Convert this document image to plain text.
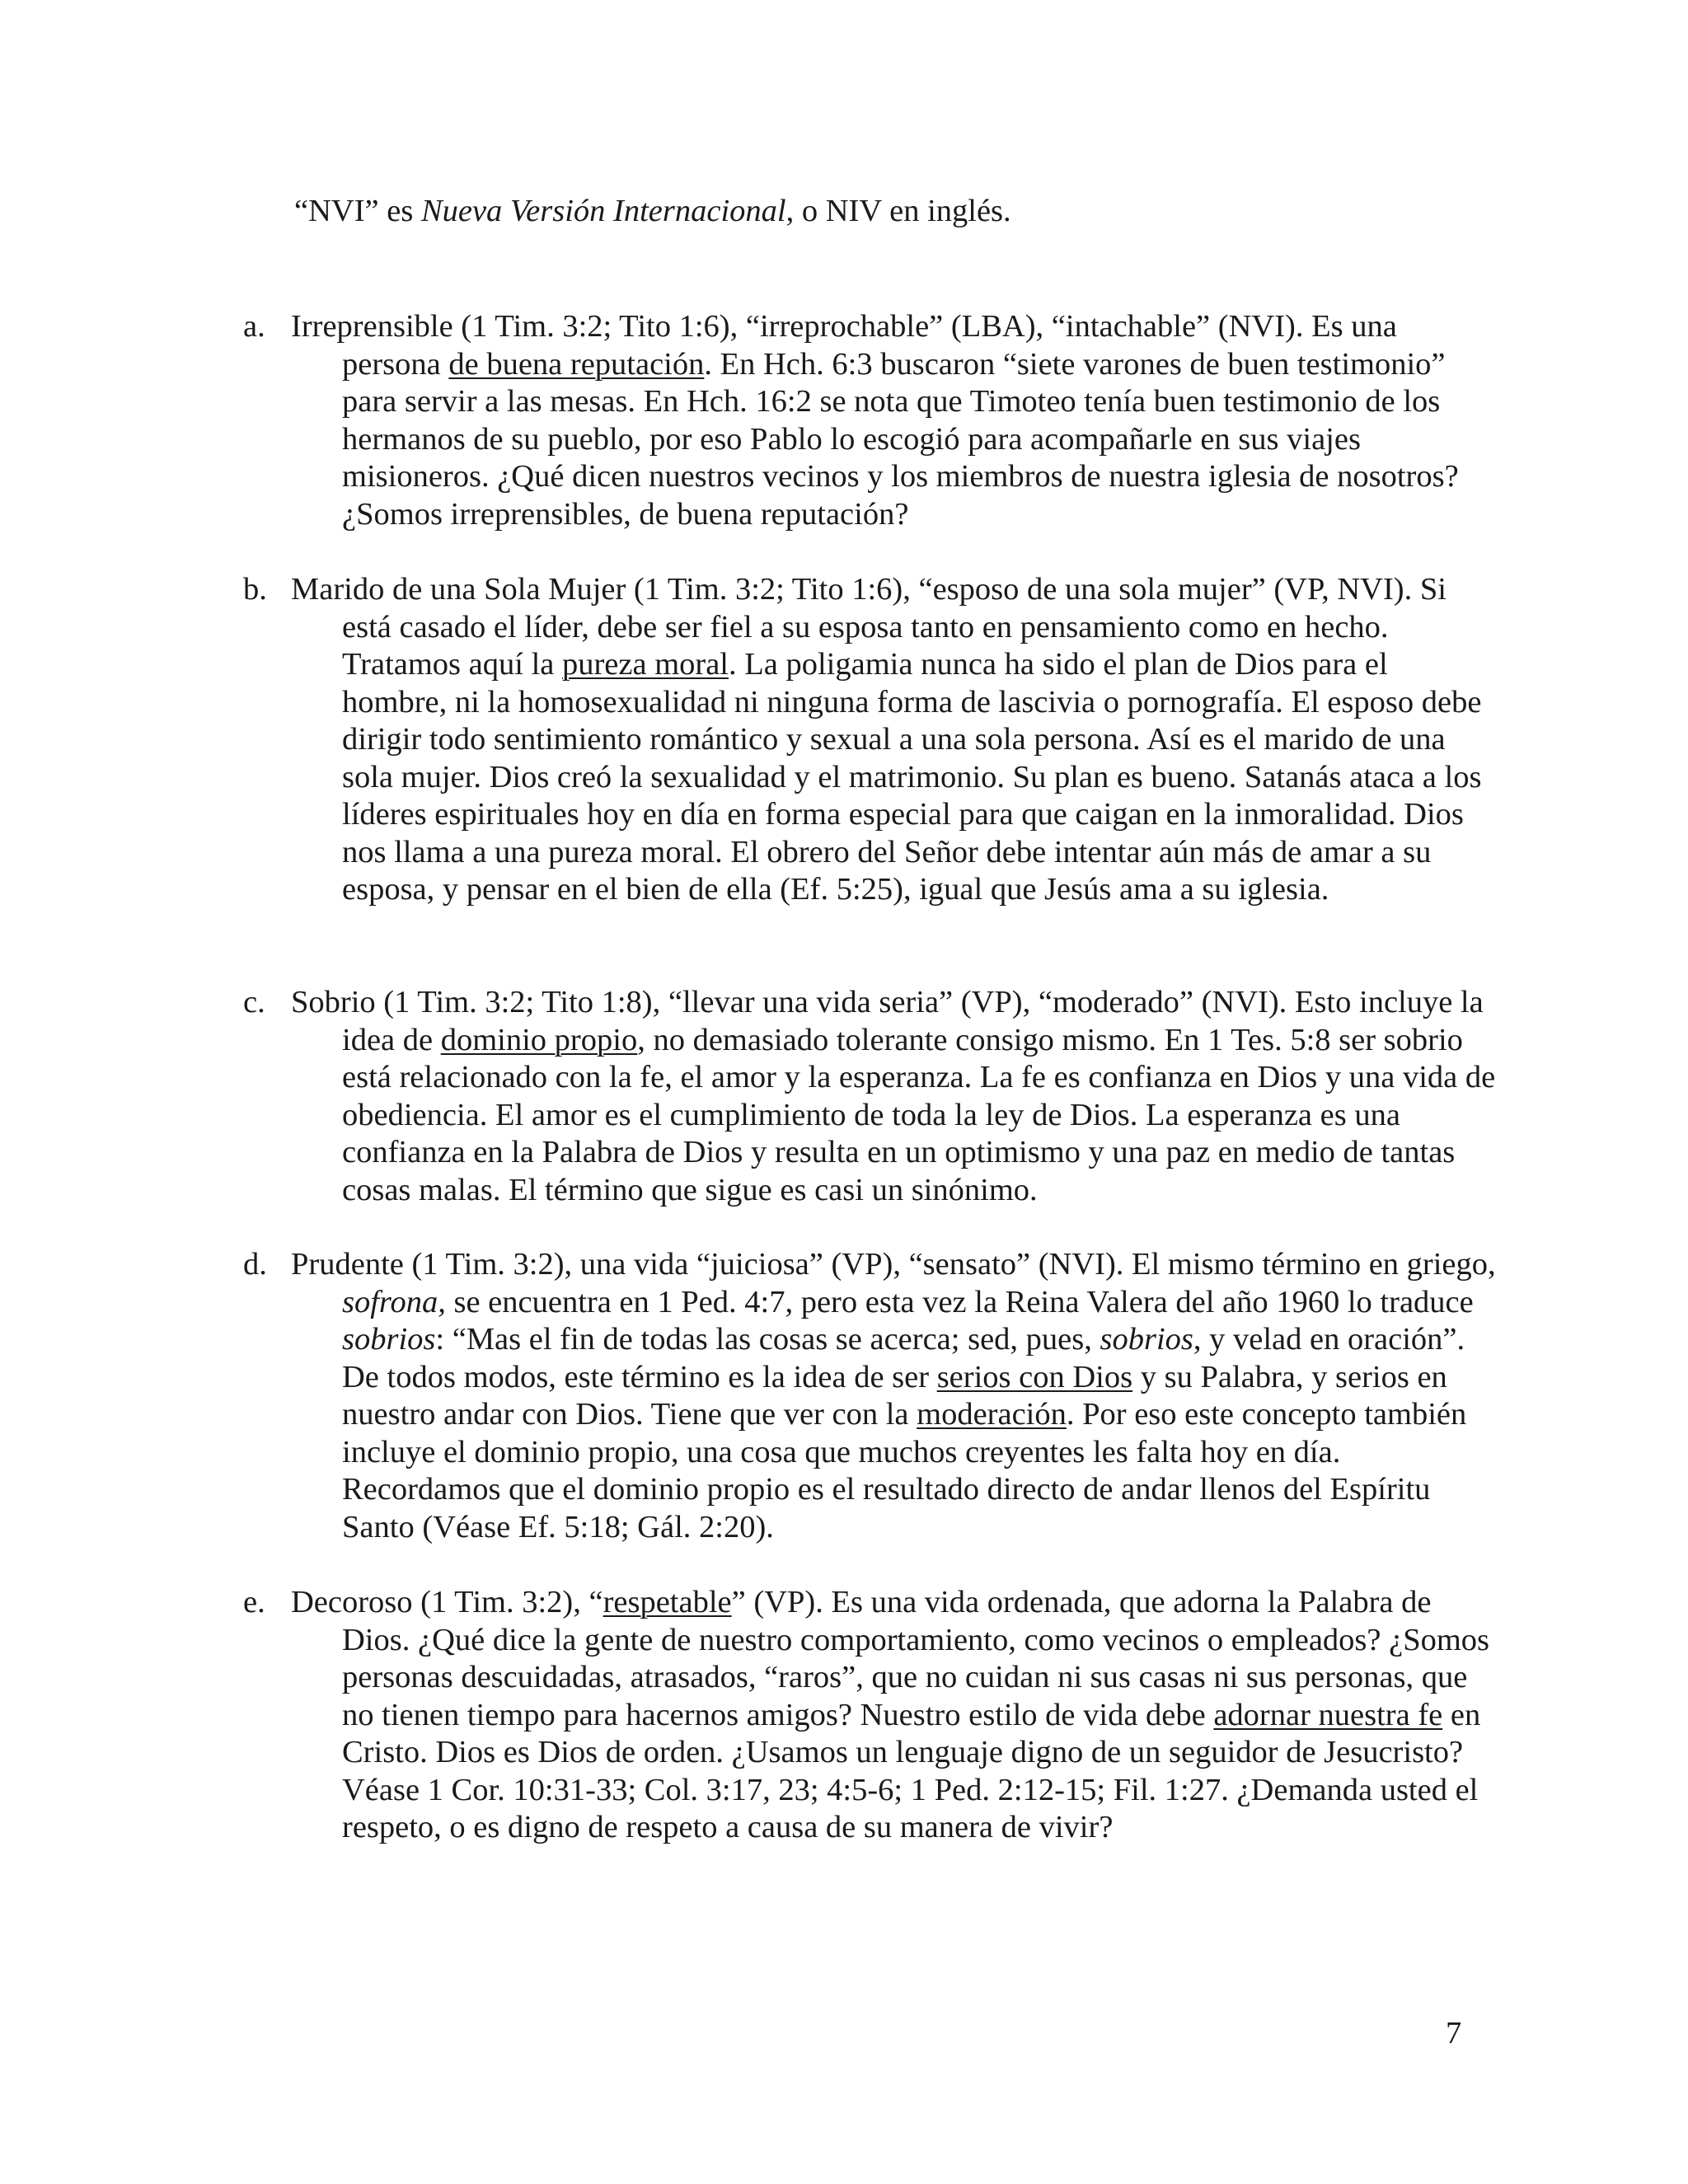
“NVI” es Nueva Versión Internacional, o NIV en inglés.

a. Irreprensible (1 Tim. 3:2; Tito 1:6), “irreprochable” (LBA), “intachable” (NVI). Es una persona de buena reputación. En Hch. 6:3 buscaron “siete varones de buen testimonio” para servir a las mesas. En Hch. 16:2 se nota que Timoteo tenía buen testimonio de los hermanos de su pueblo, por eso Pablo lo escogió para acompañarle en sus viajes misioneros. ¿Qué dicen nuestros vecinos y los miembros de nuestra iglesia de nosotros? ¿Somos irreprensibles, de buena reputación?
b. Marido de una Sola Mujer (1 Tim. 3:2; Tito 1:6), “esposo de una sola mujer” (VP, NVI). Si está casado el líder, debe ser fiel a su esposa tanto en pensamiento como en hecho. Tratamos aquí la pureza moral. La poligamia nunca ha sido el plan de Dios para el hombre, ni la homosexualidad ni ninguna forma de lascivia o pornografía. El esposo debe dirigir todo sentimiento romántico y sexual a una sola persona. Así es el marido de una sola mujer. Dios creó la sexualidad y el matrimonio. Su plan es bueno. Satanás ataca a los líderes espirituales hoy en día en forma especial para que caigan en la inmoralidad. Dios nos llama a una pureza moral. El obrero del Señor debe intentar aún más de amar a su esposa, y pensar en el bien de ella (Ef. 5:25), igual que Jesús ama a su iglesia.
c. Sobrio (1 Tim. 3:2; Tito 1:8), “llevar una vida seria” (VP), “moderado” (NVI). Esto incluye la idea de dominio propio, no demasiado tolerante consigo mismo. En 1 Tes. 5:8 ser sobrio está relacionado con la fe, el amor y la esperanza. La fe es confianza en Dios y una vida de obediencia. El amor es el cumplimiento de toda la ley de Dios. La esperanza es una confianza en la Palabra de Dios y resulta en un optimismo y una paz en medio de tantas cosas malas. El término que sigue es casi un sinónimo.
d. Prudente (1 Tim. 3:2), una vida “juiciosa” (VP), “sensato” (NVI). El mismo término en griego, sofrona, se encuentra en 1 Ped. 4:7, pero esta vez la Reina Valera del año 1960 lo traduce sobrios: “Mas el fin de todas las cosas se acerca; sed, pues, sobrios, y velad en oración”. De todos modos, este término es la idea de ser serios con Dios y su Palabra, y serios en nuestro andar con Dios. Tiene que ver con la moderación. Por eso este concepto también incluye el dominio propio, una cosa que muchos creyentes les falta hoy en día. Recordamos que el dominio propio es el resultado directo de andar llenos del Espíritu Santo (Véase Ef. 5:18; Gál. 2:20).
e. Decoroso (1 Tim. 3:2), “respetable” (VP). Es una vida ordenada, que adorna la Palabra de Dios. ¿Qué dice la gente de nuestro comportamiento, como vecinos o empleados? ¿Somos personas descuidadas, atrasados, “raros”, que no cuidan ni sus casas ni sus personas, que no tienen tiempo para hacernos amigos? Nuestro estilo de vida debe adornar nuestra fe en Cristo. Dios es Dios de orden. ¿Usamos un lenguaje digno de un seguidor de Jesucristo? Véase 1 Cor. 10:31-33; Col. 3:17, 23; 4:5-6; 1 Ped. 2:12-15; Fil. 1:27. ¿Demanda usted el respeto, o es digno de respeto a causa de su manera de vivir?
7
